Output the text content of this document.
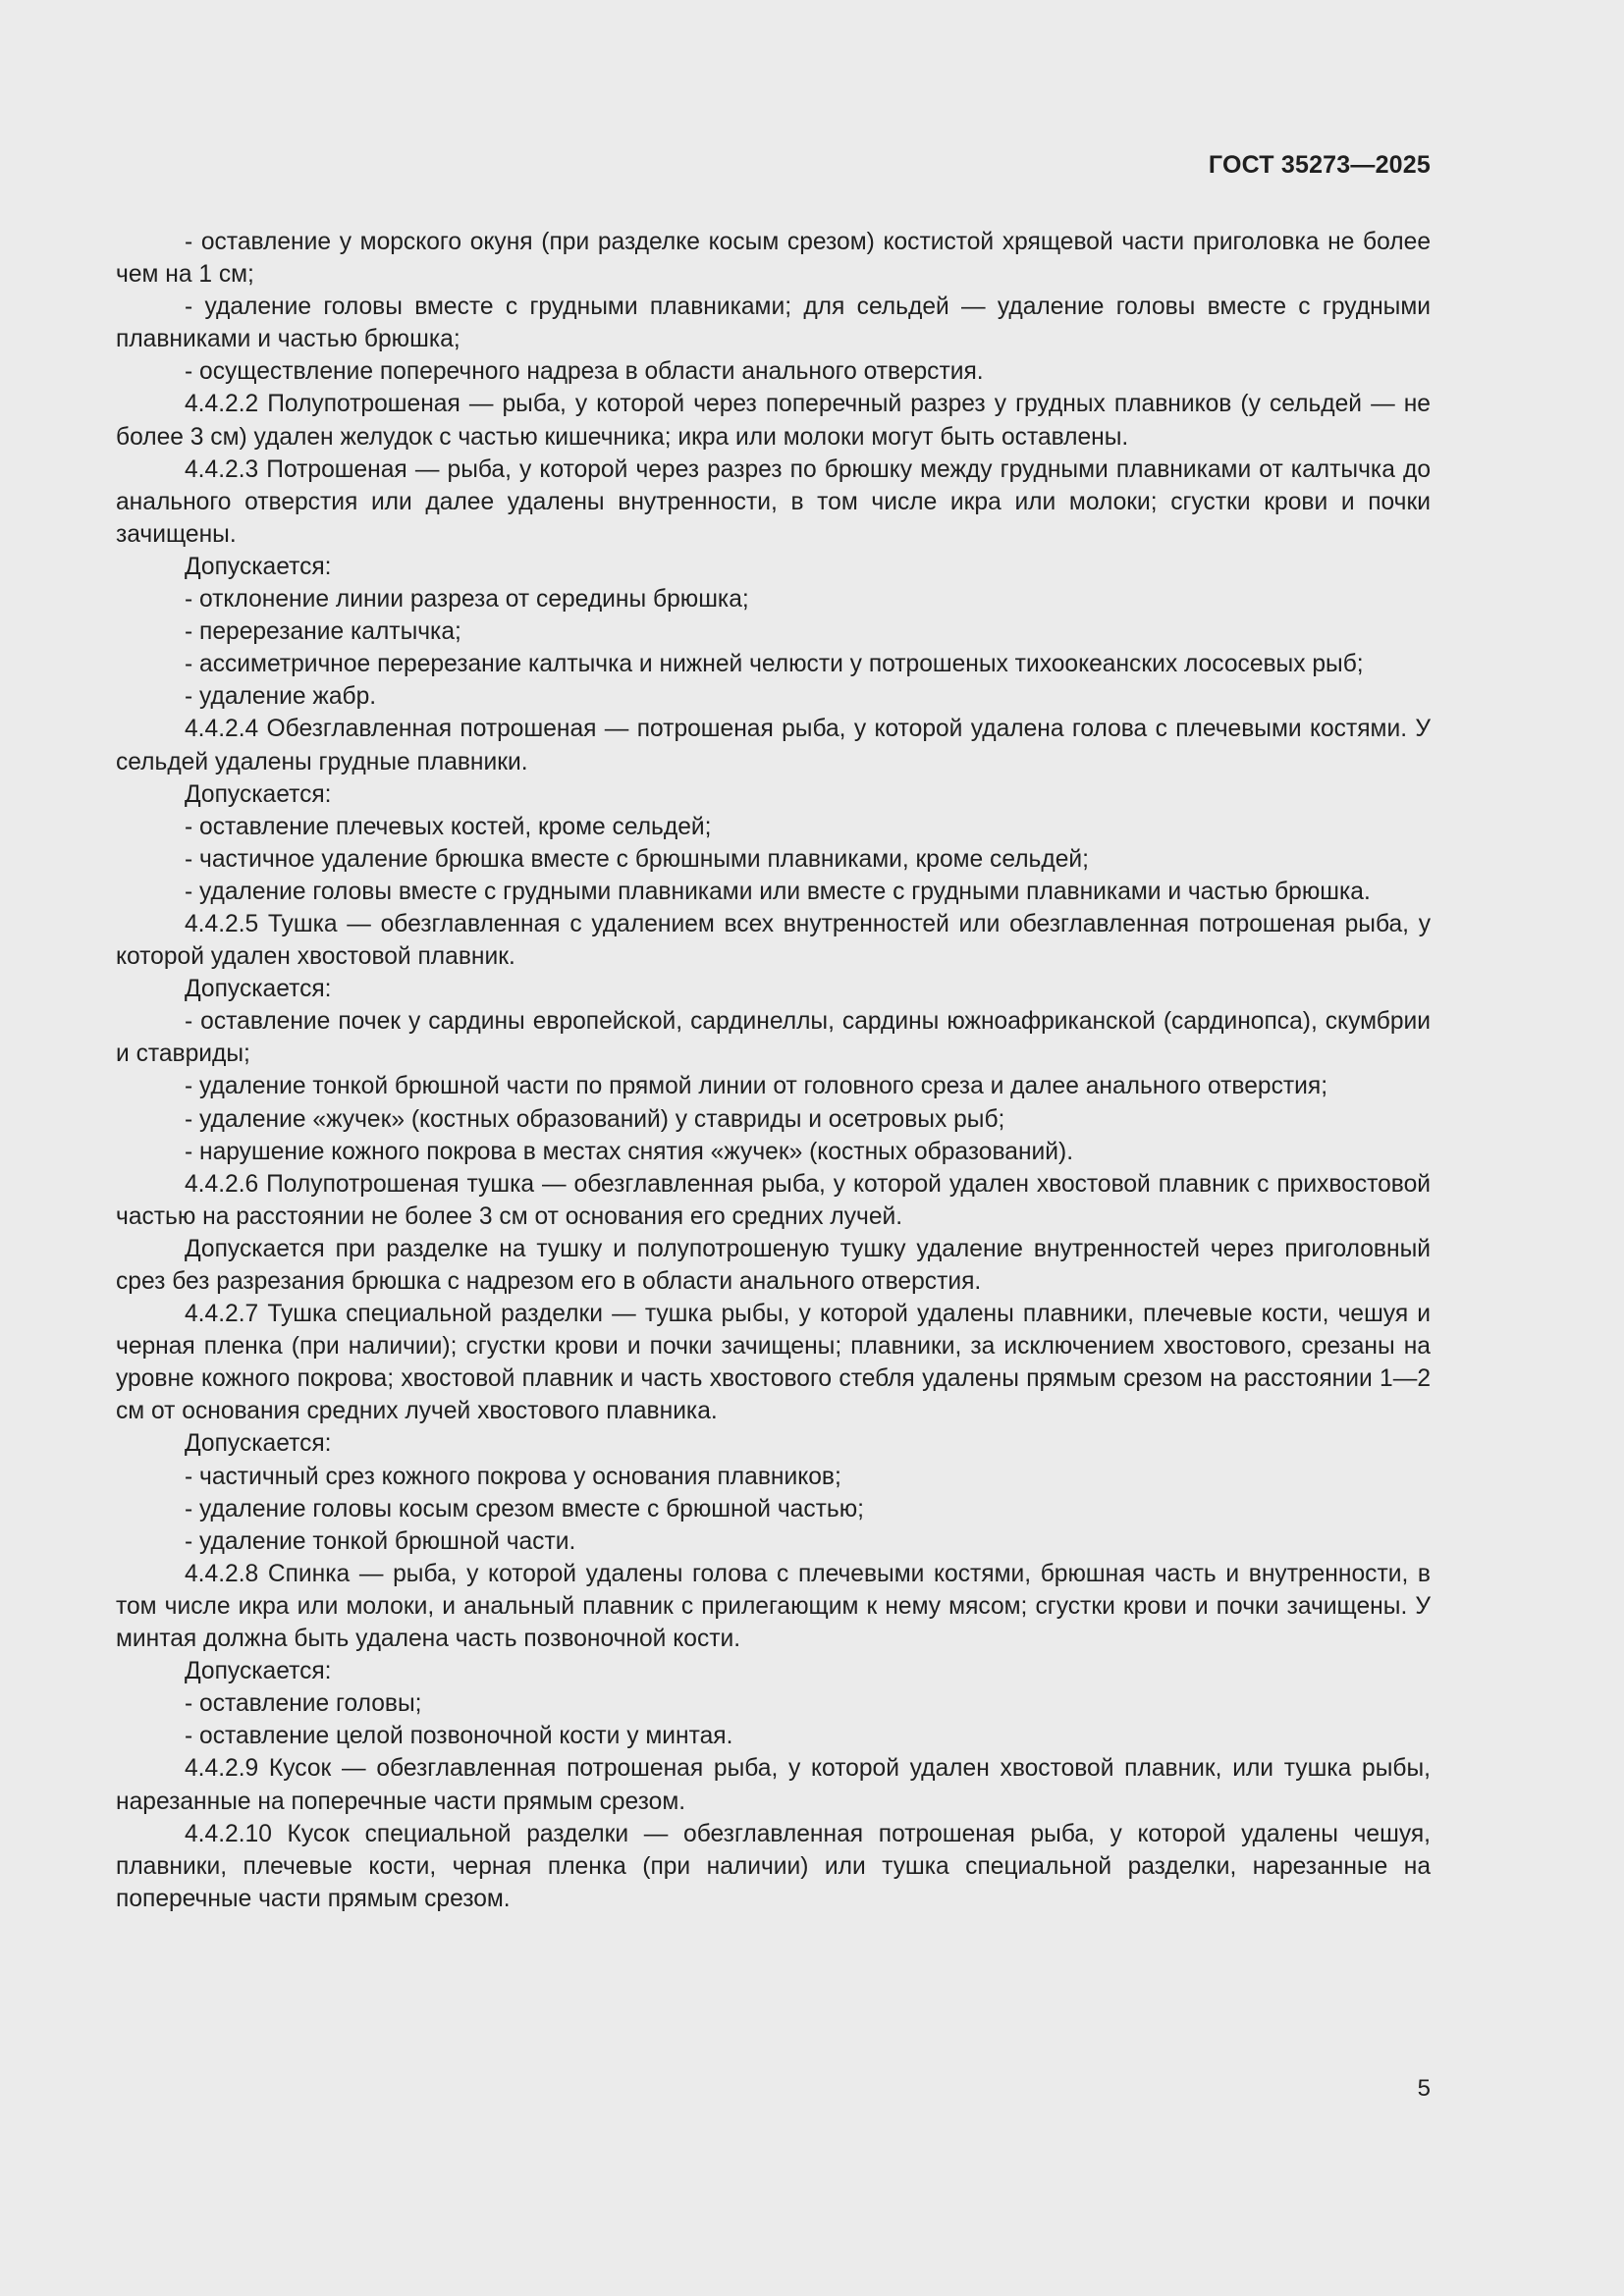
ГОСТ 35273—2025

- оставление у морского окуня (при разделке косым срезом) костистой хрящевой части приголовка не более чем на 1 см;

- удаление головы вместе с грудными плавниками; для сельдей — удаление головы вместе с грудными плавниками и частью брюшка;

- осуществление поперечного надреза в области анального отверстия.

4.4.2.2 Полупотрошеная — рыба, у которой через поперечный разрез у грудных плавников (у сельдей — не более 3 см) удален желудок с частью кишечника; икра или молоки могут быть оставлены.

4.4.2.3 Потрошеная — рыба, у которой через разрез по брюшку между грудными плавниками от калтычка до анального отверстия или далее удалены внутренности, в том числе икра или молоки; сгустки крови и почки зачищены.

Допускается:

- отклонение линии разреза от середины брюшка;

- перерезание калтычка;

- ассиметричное перерезание калтычка и нижней челюсти у потрошеных тихоокеанских лососевых рыб;

- удаление жабр.

4.4.2.4 Обезглавленная потрошеная — потрошеная рыба, у которой удалена голова с плечевыми костями. У сельдей удалены грудные плавники.

Допускается:

- оставление плечевых костей, кроме сельдей;

- частичное удаление брюшка вместе с брюшными плавниками, кроме сельдей;

- удаление головы вместе с грудными плавниками или вместе с грудными плавниками и частью брюшка.

4.4.2.5 Тушка — обезглавленная с удалением всех внутренностей или обезглавленная потрошеная рыба, у которой удален хвостовой плавник.

Допускается:

- оставление почек у сардины европейской, сардинеллы, сардины южноафриканской (сардинопса), скумбрии и ставриды;

- удаление тонкой брюшной части по прямой линии от головного среза и далее анального отверстия;

- удаление «жучек» (костных образований) у ставриды и осетровых рыб;

- нарушение кожного покрова в местах снятия «жучек» (костных образований).

4.4.2.6 Полупотрошеная тушка — обезглавленная рыба, у которой удален хвостовой плавник с прихвостовой частью на расстоянии не более 3 см от основания его средних лучей.

Допускается при разделке на тушку и полупотрошеную тушку удаление внутренностей через приголовный срез без разрезания брюшка с надрезом его в области анального отверстия.

4.4.2.7 Тушка специальной разделки — тушка рыбы, у которой удалены плавники, плечевые кости, чешуя и черная пленка (при наличии); сгустки крови и почки зачищены; плавники, за исключением хвостового, срезаны на уровне кожного покрова; хвостовой плавник и часть хвостового стебля удалены прямым срезом на расстоянии 1—2 см от основания средних лучей хвостового плавника.

Допускается:

- частичный срез кожного покрова у основания плавников;

- удаление головы косым срезом вместе с брюшной частью;

- удаление тонкой брюшной части.

4.4.2.8 Спинка — рыба, у которой удалены голова с плечевыми костями, брюшная часть и внутренности, в том числе икра или молоки, и анальный плавник с прилегающим к нему мясом; сгустки крови и почки зачищены. У минтая должна быть удалена часть позвоночной кости.

Допускается:

- оставление головы;

- оставление целой позвоночной кости у минтая.

4.4.2.9 Кусок — обезглавленная потрошеная рыба, у которой удален хвостовой плавник, или тушка рыбы, нарезанные на поперечные части прямым срезом.

4.4.2.10 Кусок специальной разделки — обезглавленная потрошеная рыба, у которой удалены чешуя, плавники, плечевые кости, черная пленка (при наличии) или тушка специальной разделки, нарезанные на поперечные части прямым срезом.

5
